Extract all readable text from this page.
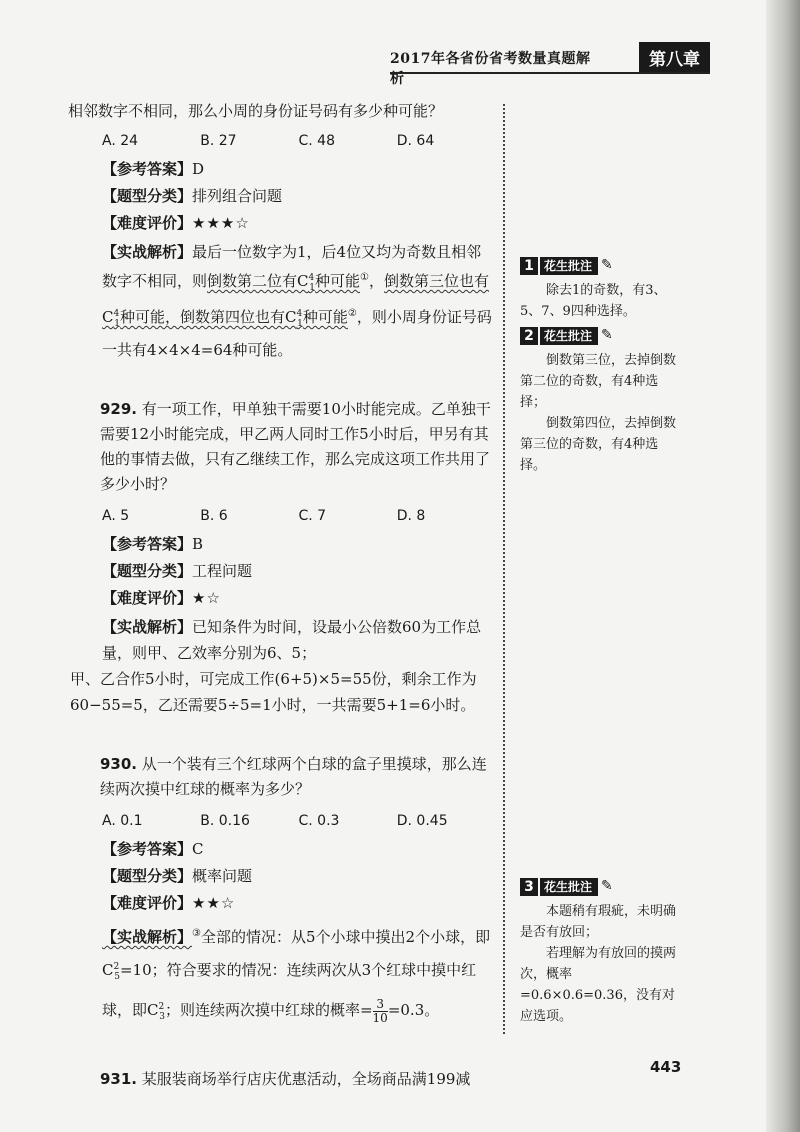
2017年各省份省考数量真题解析
第八章

相邻数字不相同，那么小周的身份证号码有多少种可能？

A. 24	B. 27	C. 48	D. 64
【参考答案】D
【题型分类】排列组合问题
【难度评价】★★★☆
【实战解析】最后一位数字为1，后4位又均为奇数且相邻数字不相同，则倒数第二位有$C^4_1$种可能①，倒数第三位也有$C^4_1$种可能，倒数第四位也有$C^4_1$种可能②，则小周身份证号码一共有4×4×4=64种可能。

929. 有一项工作，甲单独干需要10小时能完成。乙单独干需要12小时能完成，甲乙两人同时工作5小时后，甲另有其他的事情去做，只有乙继续工作，那么完成这项工作共用了多少小时？

A. 5	B. 6	C. 7	D. 8
【参考答案】B
【题型分类】工程问题
【难度评价】★☆
【实战解析】已知条件为时间，设最小公倍数60为工作总量，则甲、乙效率分别为6、5；

甲、乙合作5小时，可完成工作(6+5)×5=55份，剩余工作为60−55=5，乙还需要5÷5=1小时，一共需要5+1=6小时。

930. 从一个装有三个红球两个白球的盒子里摸球，那么连续两次摸中红球的概率为多少？

A. 0.1	B. 0.16	C. 0.3	D. 0.45
【参考答案】C
【题型分类】概率问题
【难度评价】★★☆
【实战解析】③全部的情况：从5个小球中摸出2个小球，即$C^2_5=10$；符合要求的情况：连续两次从3个红球中摸中红球，即$C^2_3$；则连续两次摸中红球的概率= $\frac{3}{10} =0.3$。

931. 某服装商场举行店庆优惠活动，全场商品满199减

1 花生批注 ✎

除去1的奇数，有3、5、7、9四种选择。

2 花生批注 ✎

倒数第三位，去掉倒数第二位的奇数，有4种选择；

倒数第四位，去掉倒数第三位的奇数，有4种选择。

3 花生批注 ✎

本题稍有瑕疵，未明确是否有放回；

若理解为有放回的摸两次，概率=0.6×0.6=0.36，没有对应选项。

443
